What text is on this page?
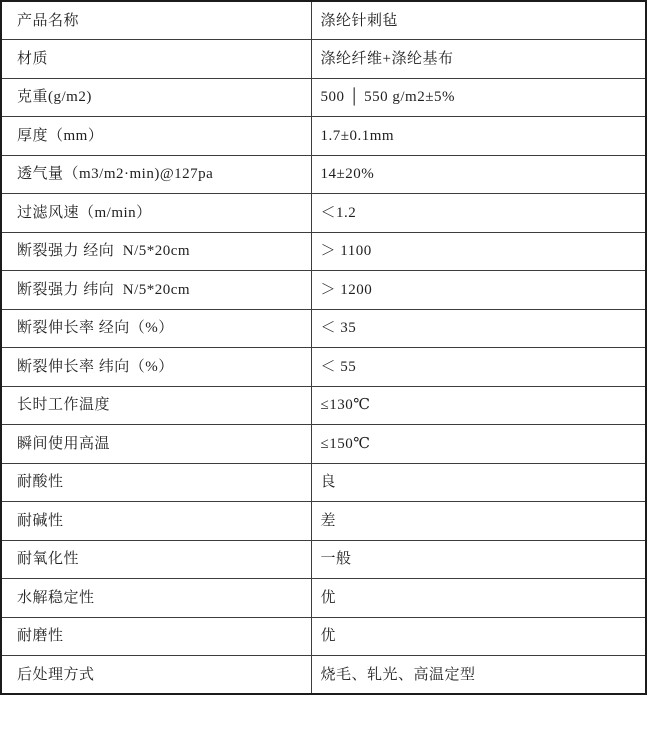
产品名称	涤纶针刺毡
材质	涤纶纤维+涤纶基布
克重(g/m2)	500 │ 550 g/m2±5%
厚度（mm）	1.7±0.1mm
透气量（m3/m2·min)@127pa	14±20%
过滤风速（m/min）	＜1.2
断裂强力 经向  N/5*20cm	＞ 1100
断裂强力 纬向  N/5*20cm	＞ 1200
断裂伸长率 经向（%）	＜ 35
断裂伸长率 纬向（%）	＜ 55
长时工作温度	≤130℃
瞬间使用高温	≤150℃
耐酸性	良
耐碱性	差
耐氧化性	一般
水解稳定性	优
耐磨性	优
后处理方式	烧毛、轧光、高温定型
